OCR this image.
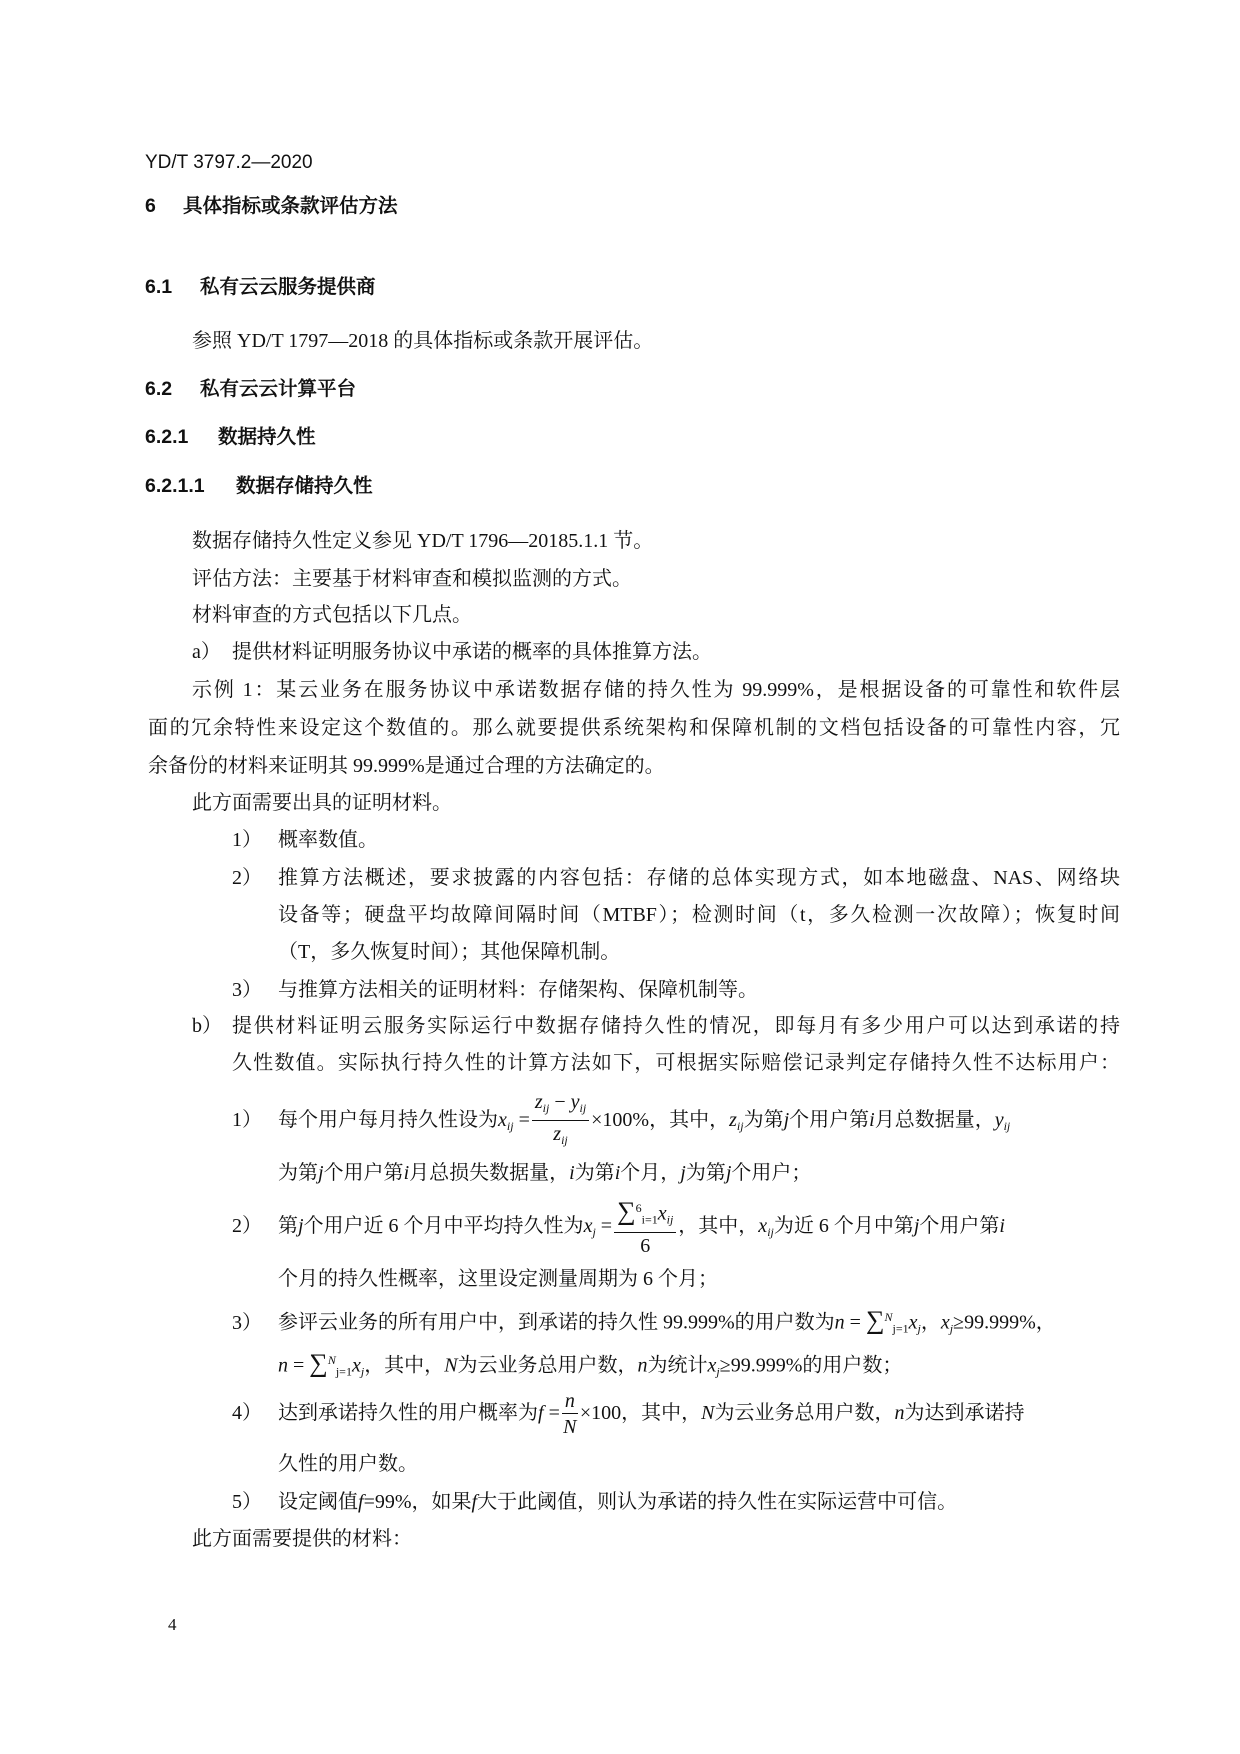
YD/T 3797.2—2020
6 具体指标或条款评估方法
6.1 私有云云服务提供商
参照 YD/T 1797—2018 的具体指标或条款开展评估。
6.2 私有云云计算平台
6.2.1 数据持久性
6.2.1.1 数据存储持久性
数据存储持久性定义参见 YD/T 1796—20185.1.1 节。
评估方法：主要基于材料审查和模拟监测的方式。
材料审查的方式包括以下几点。
a） 提供材料证明服务协议中承诺的概率的具体推算方法。
示例 1：某云业务在服务协议中承诺数据存储的持久性为 99.999%，是根据设备的可靠性和软件层
面的冗余特性来设定这个数值的。那么就要提供系统架构和保障机制的文档包括设备的可靠性内容，冗
余备份的材料来证明其 99.999%是通过合理的方法确定的。
此方面需要出具的证明材料。
1） 概率数值。
2） 推算方法概述，要求披露的内容包括：存储的总体实现方式，如本地磁盘、NAS、网络块
设备等；硬盘平均故障间隔时间（MTBF）；检测时间（t，多久检测一次故障）；恢复时间
（T，多久恢复时间）；其他保障机制。
3） 与推算方法相关的证明材料：存储架构、保障机制等。
b） 提供材料证明云服务实际运行中数据存储持久性的情况，即每月有多少用户可以达到承诺的持
久性数值。实际执行持久性的计算方法如下，可根据实际赔偿记录判定存储持久性不达标用户：
1） 每个用户每月持久性设为$x_{ij} = \frac{z_{ij} - y_{ij}}{z_{ij}} \times 100\%$，其中，$z_{ij}$为第j个用户第i月总数据量，$y_{ij}$
为第j个用户第i月总损失数据量，i为第i个月，j为第j个用户；
2） 第j个用户近 6 个月中平均持久性为$x_j = \frac{\sum^6_{i=1}x_{ij}}{6}$ ，其中，$x_{ij}$为近 6 个月中第j个用户第i
个月的持久性概率，这里设定测量周期为 6 个月；
3） 参评云业务的所有用户中，到承诺的持久性 99.999%的用户数为$n = \sum^N_{j=1}x_j$，$x_j\ge 99.999\%$，
$n = \sum^N_{j=1}x_j$，其中，N为云业务总用户数，n为统计$x_j\ge 99.999\%$的用户数；
4） 达到承诺持久性的用户概率为$f = \frac{n}{N} \times 100$，其中，N为云业务总用户数，n为达到承诺持
久性的用户数。
5） 设定阈值f=99%，如果f大于此阈值，则认为承诺的持久性在实际运营中可信。
此方面需要提供的材料：
4
